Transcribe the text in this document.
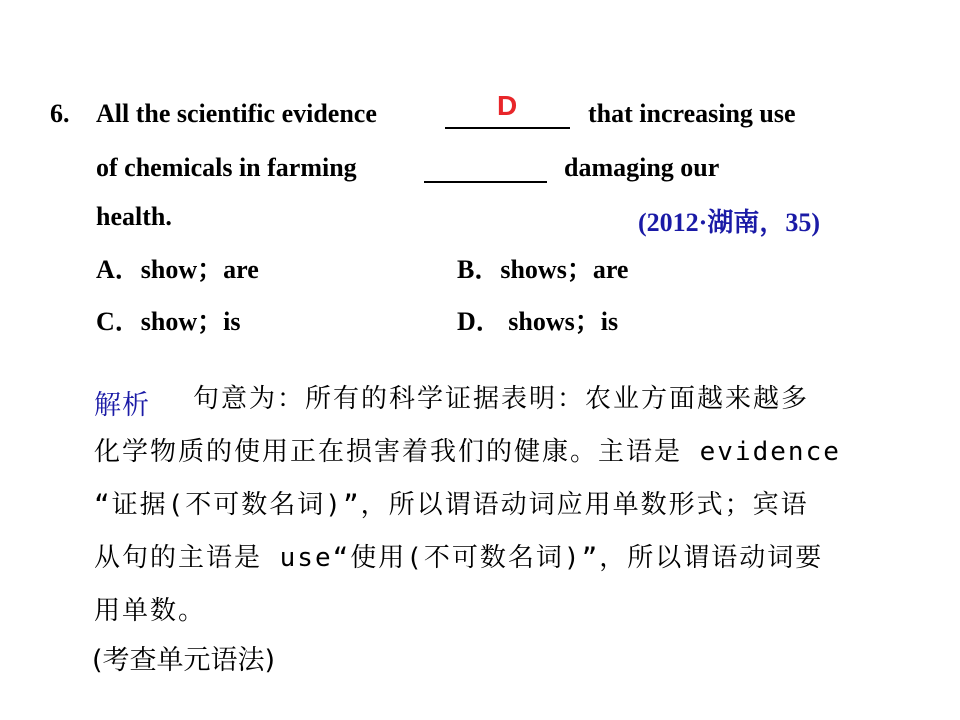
6. All the scientific evidence	D	that increasing use
of chemicals in farming	damaging our
health.	(2012·湖南，35)
A．show；are	B．shows；are
C．show；is	D． shows；is
解析 句意为：所有的科学证据表明：农业方面越来越多
化学物质的使用正在损害着我们的健康。主语是 evidence
“证据(不可数名词)”，所以谓语动词应用单数形式；宾语
从句的主语是 use“使用(不可数名词)”，所以谓语动词要
用单数。
(考查单元语法)
